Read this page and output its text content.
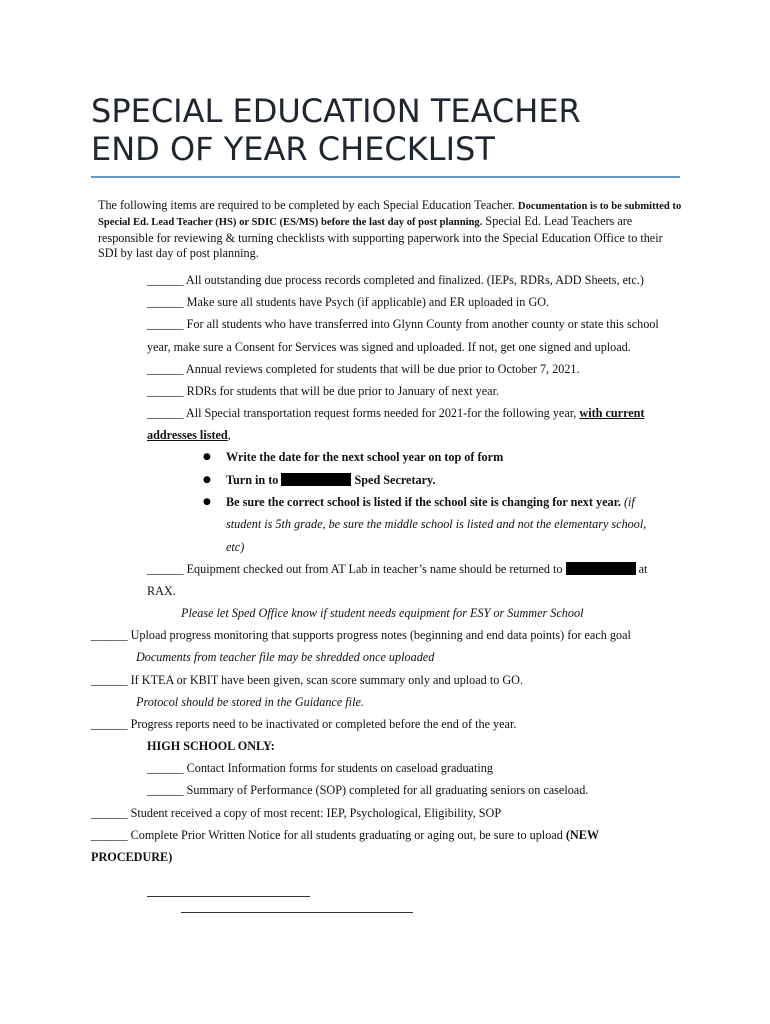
SPECIAL EDUCATION TEACHER
END OF YEAR CHECKLIST
The following items are required to be completed by each Special Education Teacher. Documentation is to be submitted to Special Ed. Lead Teacher (HS) or SDIC (ES/MS) before the last day of post planning. Special Ed. Lead Teachers are responsible for reviewing & turning checklists with supporting paperwork into the Special Education Office to their SDI by last day of post planning.
______ All outstanding due process records completed and finalized. (IEPs, RDRs, ADD Sheets, etc.)
______ Make sure all students have Psych (if applicable) and ER uploaded in GO.
______ For all students who have transferred into Glynn County from another county or state this school
year, make sure a Consent for Services was signed and uploaded. If not, get one signed and upload.
______ Annual reviews completed for students that will be due prior to October 7, 2021.
______ RDRs for students that will be due prior to January of next year.
______ All Special transportation request forms needed for 2021-for the following year, with current
addresses listed,
● Write the date for the next school year on top of form
● Turn in to	Sped Secretary.
● Be sure the correct school is listed if the school site is changing for next year. (if
student is 5th grade, be sure the middle school is listed and not the elementary school,
etc)
______ Equipment checked out from AT Lab in teacher’s name should be returned to	at
RAX.
Please let Sped Office know if student needs equipment for ESY or Summer School
______ Upload progress monitoring that supports progress notes (beginning and end data points) for each goal
Documents from teacher file may be shredded once uploaded
______ If KTEA or KBIT have been given, scan score summary only and upload to GO.
Protocol should be stored in the Guidance file.
______ Progress reports need to be inactivated or completed before the end of the year.
HIGH SCHOOL ONLY:
______ Contact Information forms for students on caseload graduating
______ Summary of Performance (SOP) completed for all graduating seniors on caseload.
______ Student received a copy of most recent: IEP, Psychological, Eligibility, SOP
______ Complete Prior Written Notice for all students graduating or aging out, be sure to upload (NEW
PROCEDURE)
